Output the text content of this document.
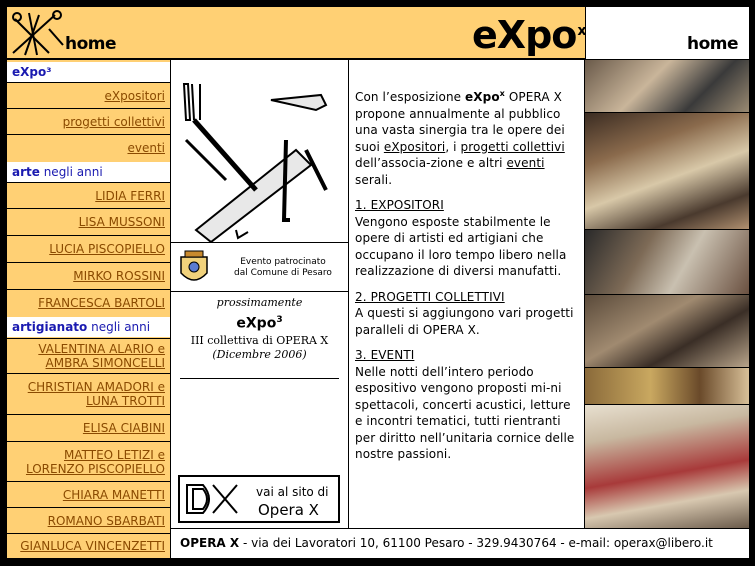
home	eXpo$^x$
home
eXpo³
eXpositori
progetti collettivi
eventi
arte negli anni
LIDIA FERRI
LISA MUSSONI
LUCIA PISCOPIELLO
MIRKO ROSSINI
FRANCESCA BARTOLI
artigianato negli anni
VALENTINA ALARIO e
AMBRA SIMONCELLI
CHRISTIAN AMADORI e
LUNA TROTTI
ELISA CIABINI
MATTEO LETIZI e
LORENZO PISCOPIELLO
CHIARA MANETTI
ROMANO SBARBATI
GIANLUCA VINCENZETTI
Evento patrocinato
dal Comune di Pesaro
prossimamente
eXpo$^3$
III collettiva di OPERA X
(Dicembre 2006)
vai al sito di
Opera X

Con l’esposizione eXpo$^x$ OPERA X propone annualmente al pubblico una vasta sinergia tra le opere dei suoi eXpositori, i progetti collettivi dell’associa-zione e altri eventi serali.

1. EXPOSITORI
Vengono esposte stabilmente le opere di artisti ed artigiani che occupano il loro tempo libero nella realizzazione di diversi manufatti.

2. PROGETTI COLLETTIVI
A questi si aggiungono vari progetti paralleli di OPERA X.

3. EVENTI
Nelle notti dell’intero periodo espositivo vengono proposti mi-ni spettacoli, concerti acustici, letture e incontri tematici, tutti rientranti per diritto nell’unitaria cornice delle nostre passioni.

OPERA X - via dei Lavoratori 10, 61100 Pesaro - 329.9430764 - e-mail: operax@libero.it
